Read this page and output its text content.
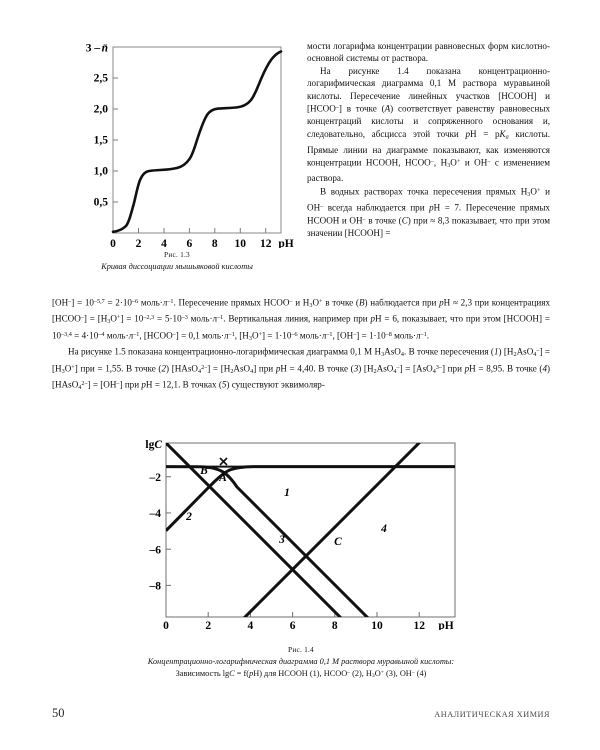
3 – n̄
2,5
2,0
1,5
1,0
0,5
0 2 4 6 8 10 12 pH
Рис. 1.3
Кривая диссоциации мышьяковой кислоты

мости логарифма концентрации равновесных форм кислотно-основной системы от раствора.

На рисунке 1.4 показана концентрационно-логарифмическая диаграмма 0,1 М раствора муравьиной кислоты. Пересечение линейных участков [HCOOH] и [HCOO–] в точке (A) соответствует равенству равновесных концентраций кислоты и сопряженного основания и, следовательно, абсцисса этой точки pH = $pK_a$ кислоты. Прямые линии на диаграмме показывают, как изменяются концентрации HCOOH, HCOO–, $H_3O^+$ и OH– с изменением раствора.

В водных растворах точка пересечения прямых $H_3O^+$ и OH– всегда наблюдается при pH = 7. Пересечение прямых HCOOH и OH– в точке (C) при ≈ 8,3 показывает, что при этом значении [HCOOH] =

$[OH^-] = 10^{-5,7} = 2\cdot 10^{-6}$ $моль\cdot л^{-1}$. Пересечение прямых HCOO– и $H_3O^+$ в точке (B) наблюдается при pH ≈ 2,3 при концентрациях [HCOO–] = $[H_3O^+] = 10^{-2,3} = 5\cdot 10^{-3}$ $моль\cdot л^{-1}$. Вертикальная линия, например при pH = 6, показывает, что при этом [HCOOH] = $10^{-3,4} = 4\cdot 10^{-4}$ $моль\cdot л^{-1}$, [HCOO–] = 0,1 $моль\cdot л^{-1}$, $[H_3O^+] = 1\cdot 10^{-6}$ $моль\cdot л^{-1}$, $[OH^-] = 1\cdot 10^{-8}$ $моль\cdot л^{-1}$.

На рисунке 1.5 показана концентрационно-логарифмическая диаграмма 0,1 М $H_3AsO_4$. В точке пересечения (1) $[H_2AsO_4^-] = [H_3O^+]$ при = 1,55. В точке (2) [HAsO$_4^{2-}$] = $[H_2AsO_4]$ при pH = 4,40. В точке (3) $[H_2AsO_4^-] = [AsO_4^{3-}]$ при pH = 8,95. В точке (4) [HAsO$_4^{2-}$] = [OH–] при pH = 12,1. В точках (5) существуют эквимоляр-

lgC
–2
–4
–6
–8
0	2	4	6	8	10	12 pH
A
B
C
1
2
3
4
Рис. 1.4
Концентрационно-логарифмическая диаграмма 0,1 М раствора муравьиной кислоты:
Зависимость lgC = f(pH) для HCOOH (1), HCOO– (2), $H_3O^+$ (3), OH– (4)
50	АНАЛИТИЧЕСКАЯ ХИМИЯ
